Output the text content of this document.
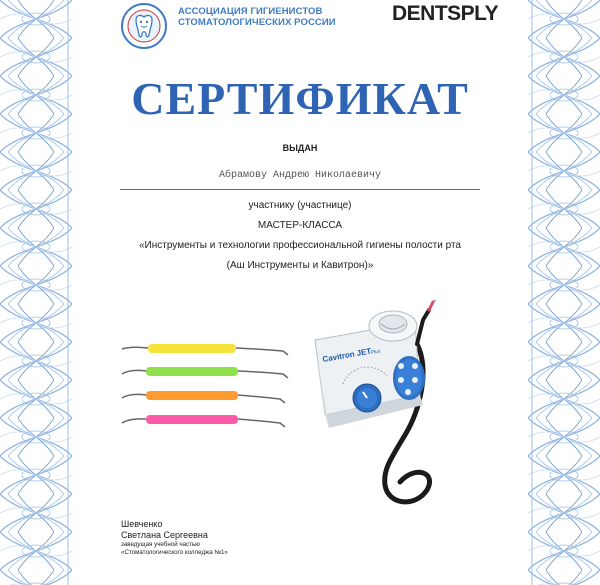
АССОЦИАЦИЯ ГИГИЕНИСТОВ
СТОМАТОЛОГИЧЕСКИХ РОССИИ	DENTSPLY
СЕРТИФИКАТ
ВЫДАН
Абрамову Андрею Николаевичу
участнику (участнице)
МАСТЕР-КЛАССА
«Инструменты и технологии профессиональной гигиены полости рта
(Аш Инструменты и Кавитрон)»
Cavitron JET
Plus
Шевченко
Светлана Сергеевна
заведущая учебной частью
«Стоматологического колледжа №1»
